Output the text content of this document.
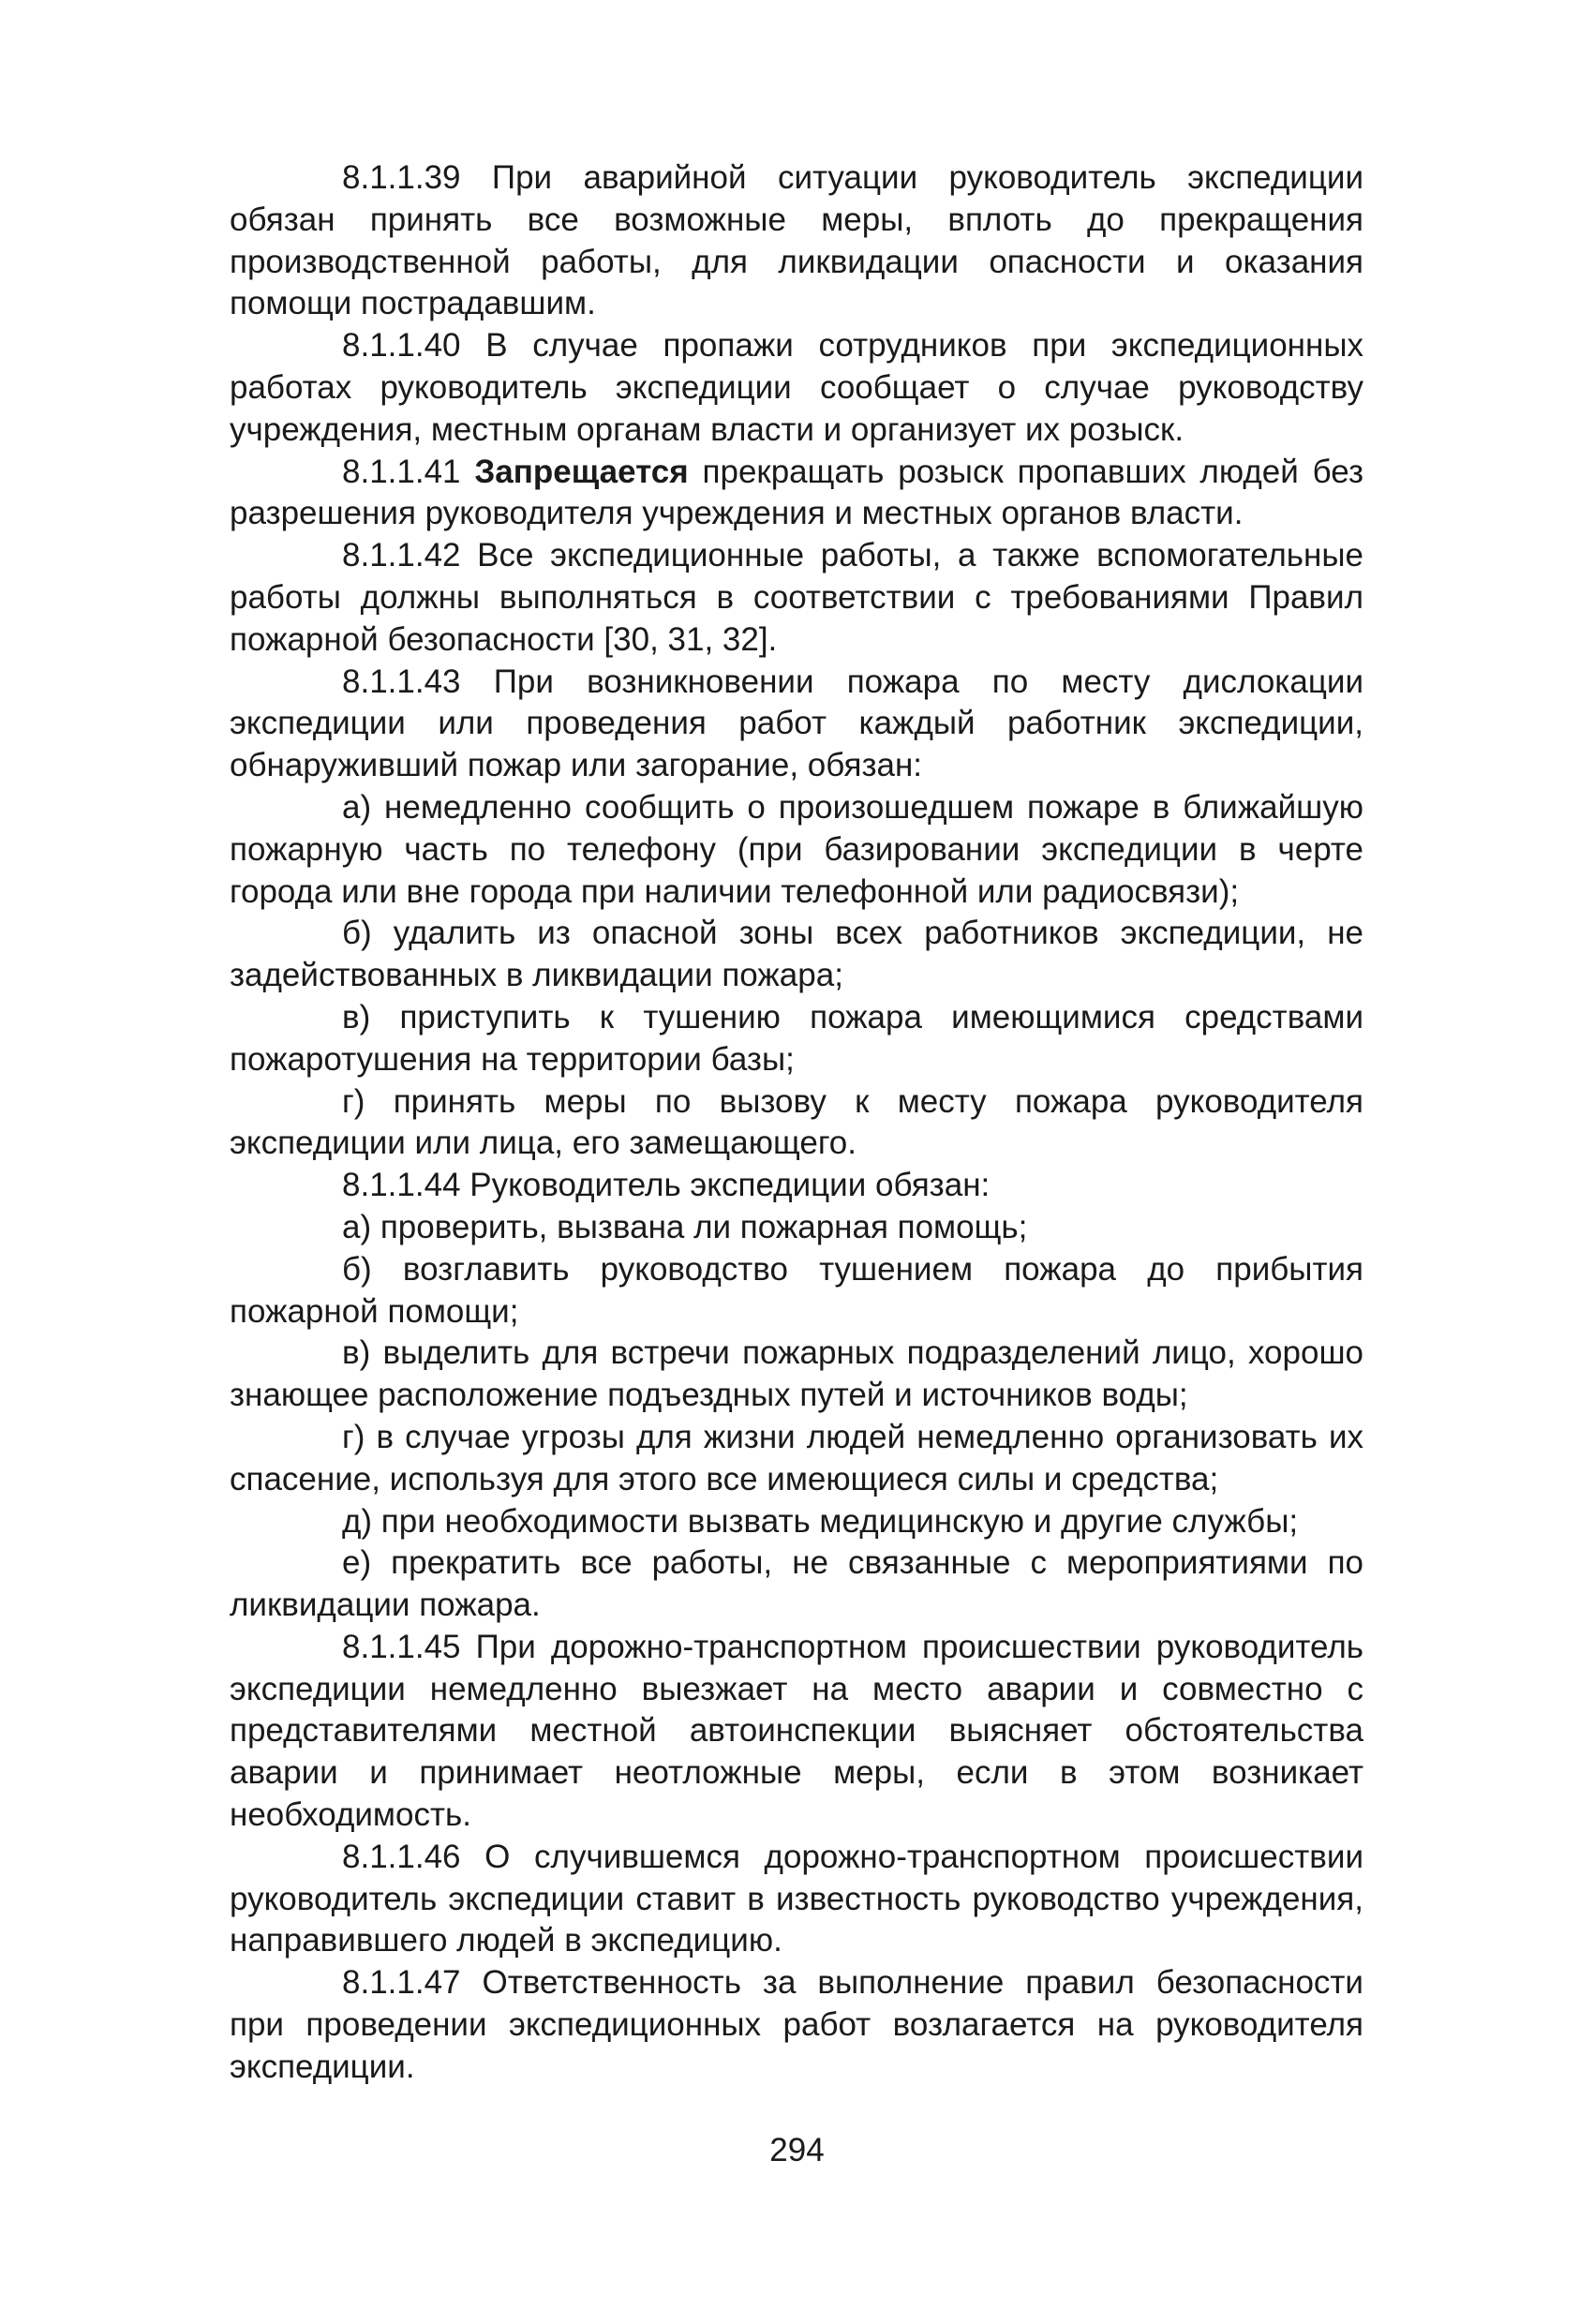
8.1.1.39 При аварийной ситуации руководитель экспедиции обязан принять все возможные меры, вплоть до прекращения производственной работы, для ликвидации опасности и оказания помощи пострадавшим.

8.1.1.40 В случае пропажи сотрудников при экспедиционных работах руководитель экспедиции сообщает о случае руководству учреждения, местным органам власти и организует их розыск.

8.1.1.41 Запрещается прекращать розыск пропавших людей без разрешения руководителя учреждения и местных органов власти.

8.1.1.42 Все экспедиционные работы, а также вспомогательные работы должны выполняться в соответствии с требованиями Правил пожарной безопасности [30, 31, 32].

8.1.1.43 При возникновении пожара по месту дислокации экспедиции или проведения работ каждый работник экспедиции, обнаруживший пожар или загорание, обязан:

а) немедленно сообщить о произошедшем пожаре в ближайшую пожарную часть по телефону (при базировании экспедиции в черте города или вне города при наличии телефонной или радиосвязи);

б) удалить из опасной зоны всех работников экспедиции, не задействованных в ликвидации пожара;

в) приступить к тушению пожара имеющимися средствами пожаротушения на территории базы;

г) принять меры по вызову к месту пожара руководителя экспедиции или лица, его замещающего.

8.1.1.44 Руководитель экспедиции обязан:

а) проверить, вызвана ли пожарная помощь;

б) возглавить руководство тушением пожара до прибытия пожарной помощи;

в) выделить для встречи пожарных подразделений лицо, хорошо знающее расположение подъездных путей и источников воды;

г) в случае угрозы для жизни людей немедленно организовать их спасение, используя для этого все имеющиеся силы и средства;

д) при необходимости вызвать медицинскую и другие службы;

е) прекратить все работы, не связанные с мероприятиями по ликвидации пожара.

8.1.1.45 При дорожно-транспортном происшествии руководитель экспедиции немедленно выезжает на место аварии и совместно с представителями местной автоинспекции выясняет обстоятельства аварии и принимает неотложные меры, если в этом возникает необходимость.

8.1.1.46 О случившемся дорожно-транспортном происшествии руководитель экспедиции ставит в известность руководство учреждения, направившего людей в экспедицию.

8.1.1.47 Ответственность за выполнение правил безопасности при проведении экспедиционных работ возлагается на руководителя экспедиции.

294
